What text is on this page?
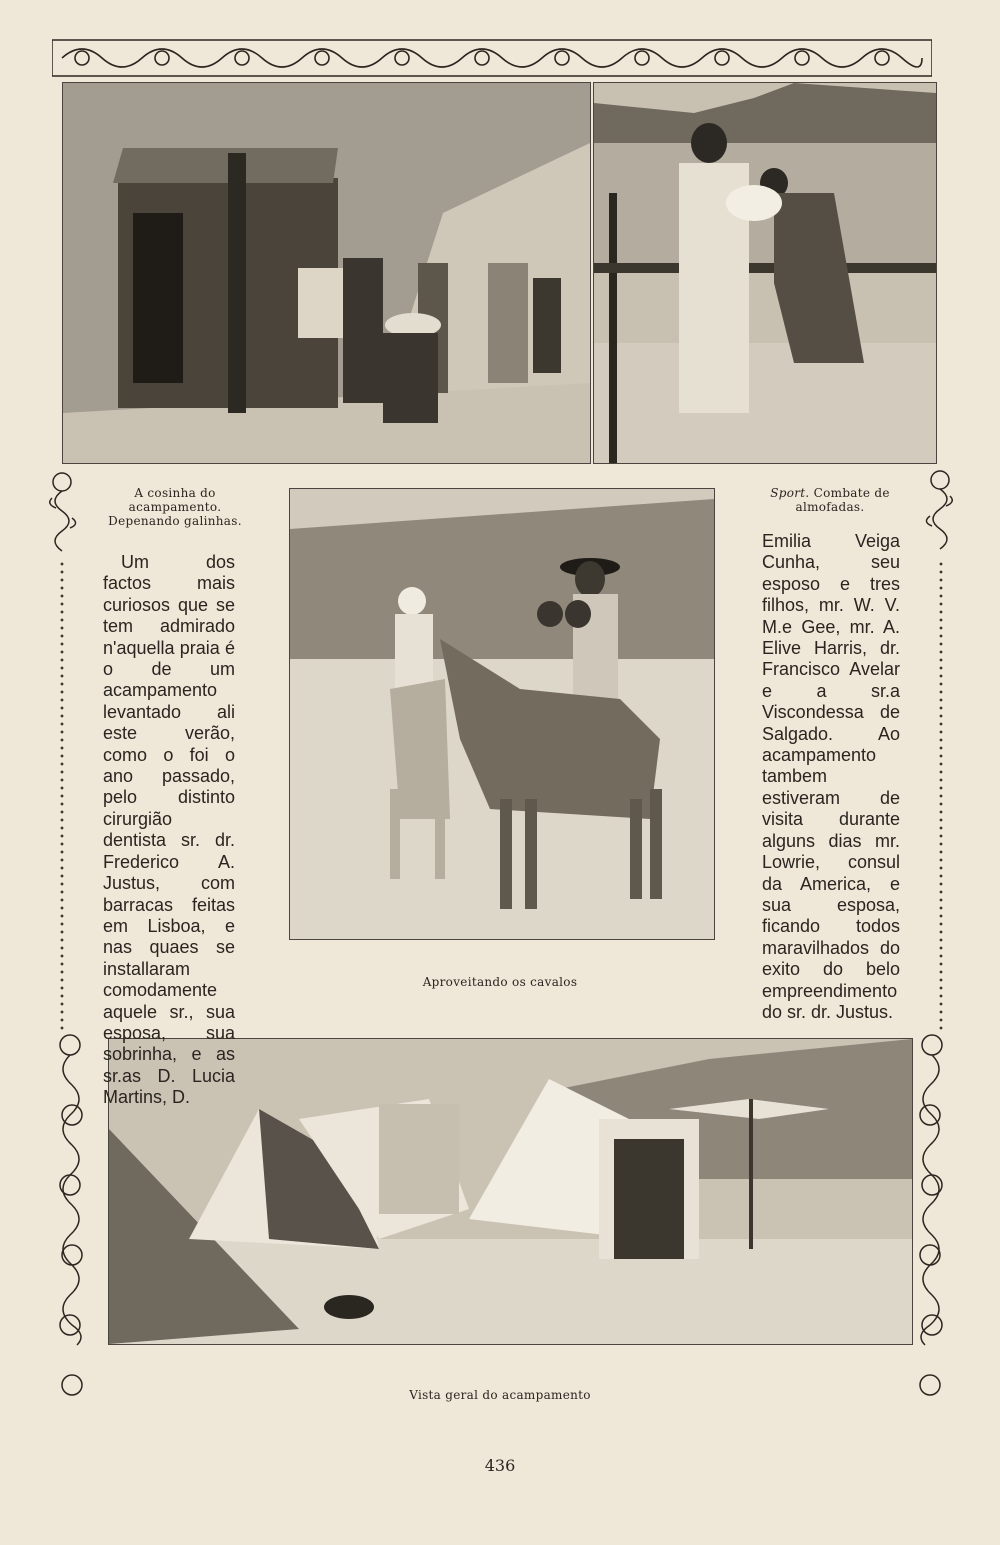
A cosinha do acampamento. Depenando galinhas.
Sport. Combate de almofadas.
Aproveitando os cavalos
Vista geral do acampamento

Um dos factos mais curiosos que se tem admirado n'aquella praia é o de um acampamento levantado ali este verão, como o foi o ano passado, pelo distinto cirurgião dentista sr. dr. Frederico A. Justus, com barracas feitas em Lisboa, e nas quaes se installaram comodamente aquele sr., sua esposa, sua sobrinha, e as sr.as D. Lucia Martins, D.

Emilia Veiga Cunha, seu esposo e tres filhos, mr. W. V. M.e Gee, mr. A. Elive Harris, dr. Francisco Avelar e a sr.a Viscondessa de Salgado. Ao acampamento tambem estiveram de visita durante alguns dias mr. Lowrie, consul da America, e sua esposa, ficando todos maravilhados do exito do belo empreendimento do sr. dr. Justus.

436
